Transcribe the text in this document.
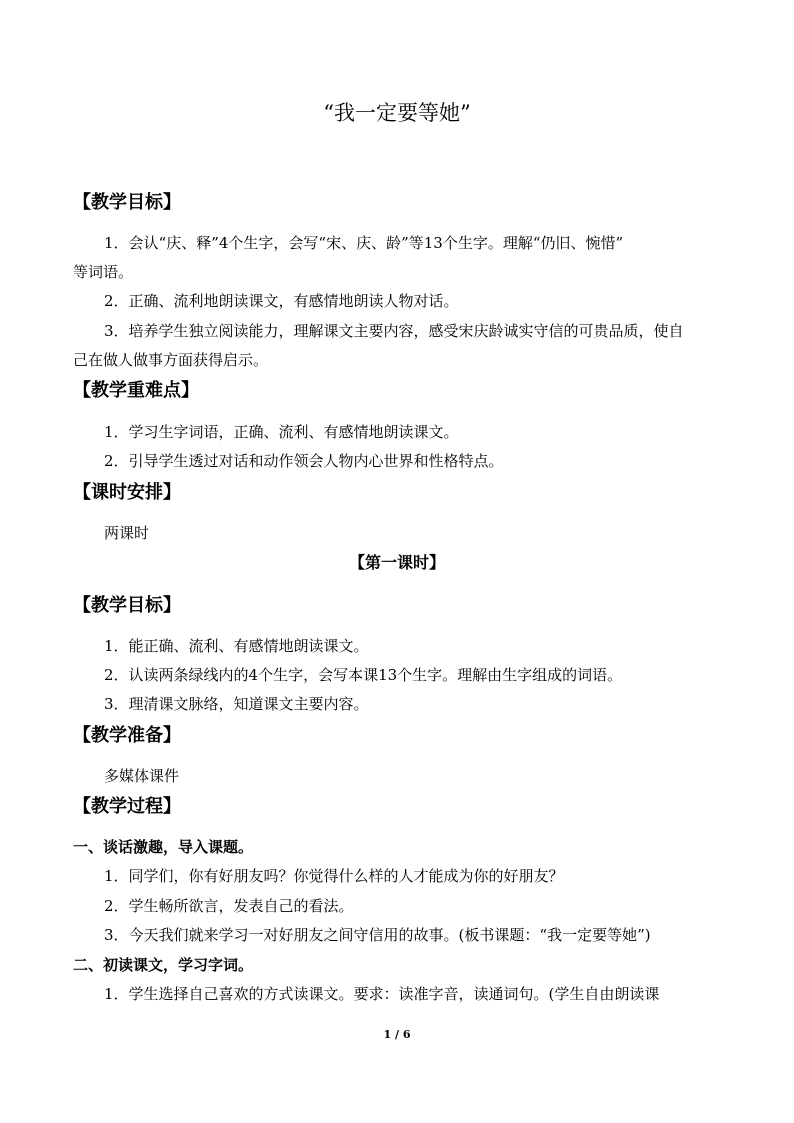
“我一定要等她”
【教学目标】
1．会认“庆、释”4个生字，会写“宋、庆、龄”等13个生字。理解“仍旧、惋惜”
等词语。
2．正确、流利地朗读课文，有感情地朗读人物对话。
3．培养学生独立阅读能力，理解课文主要内容，感受宋庆龄诚实守信的可贵品质，使自
己在做人做事方面获得启示。
【教学重难点】
1．学习生字词语，正确、流利、有感情地朗读课文。
2．引导学生透过对话和动作领会人物内心世界和性格特点。
【课时安排】
两课时
【第一课时】
【教学目标】
1．能正确、流利、有感情地朗读课文。
2．认读两条绿线内的4个生字，会写本课13个生字。理解由生字组成的词语。
3．理清课文脉络，知道课文主要内容。
【教学准备】
多媒体课件
【教学过程】
一、谈话激趣，导入课题。
1．同学们，你有好朋友吗？你觉得什么样的人才能成为你的好朋友？
2．学生畅所欲言，发表自己的看法。
3．今天我们就来学习一对好朋友之间守信用的故事。(板书课题：“我一定要等她”)
二、初读课文，学习字词。
1．学生选择自己喜欢的方式读课文。要求：读准字音，读通词句。(学生自由朗读课
1 / 6
